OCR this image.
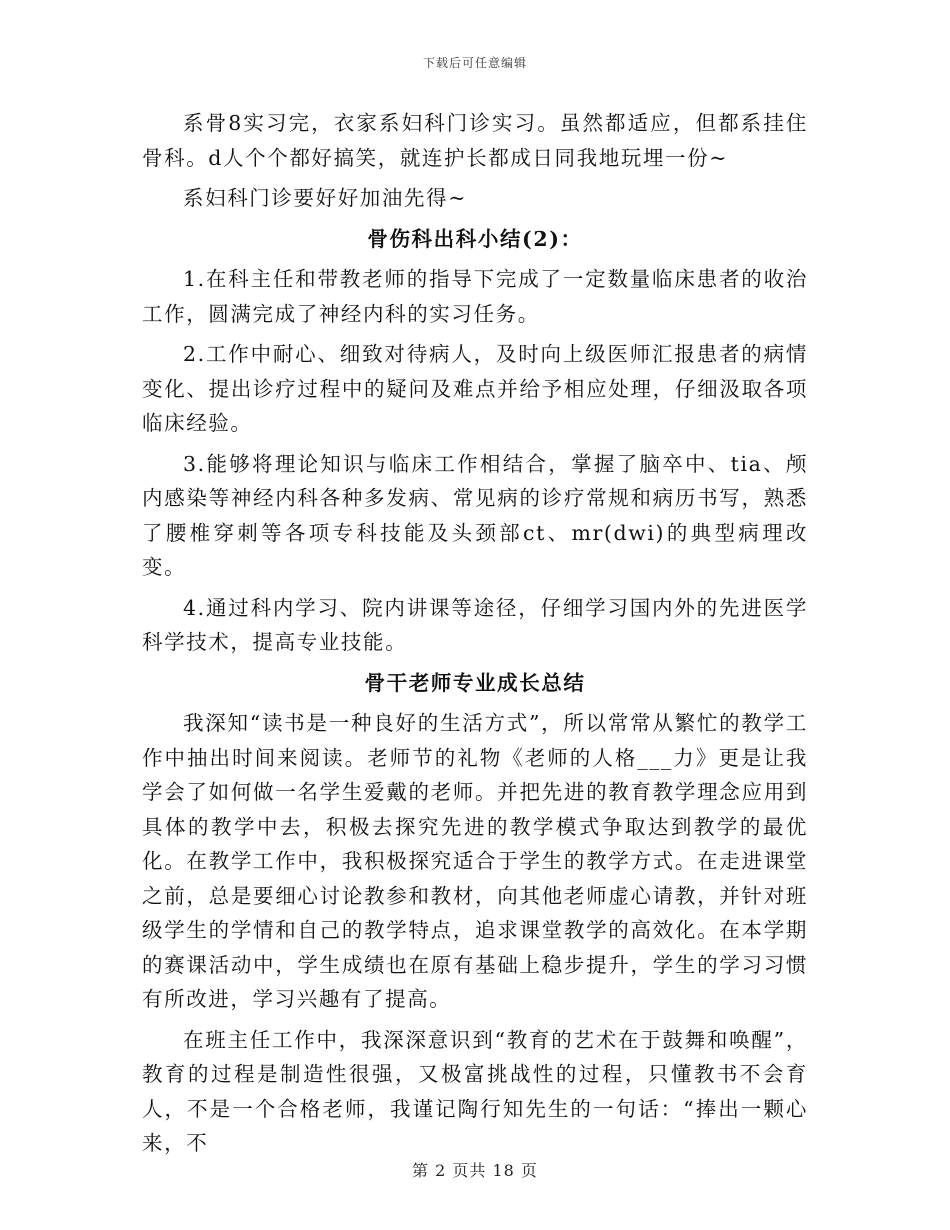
下载后可任意编辑

系骨8实习完，衣家系妇科门诊实习。虽然都适应，但都系挂住骨科。d人个个都好搞笑，就连护长都成日同我地玩埋一份~

系妇科门诊要好好加油先得~

骨伤科出科小结(2)：

1.在科主任和带教老师的指导下完成了一定数量临床患者的收治工作，圆满完成了神经内科的实习任务。

2.工作中耐心、细致对待病人，及时向上级医师汇报患者的病情变化、提出诊疗过程中的疑问及难点并给予相应处理，仔细汲取各项临床经验。

3.能够将理论知识与临床工作相结合，掌握了脑卒中、tia、颅内感染等神经内科各种多发病、常见病的诊疗常规和病历书写，熟悉了腰椎穿刺等各项专科技能及头颈部ct、mr(dwi)的典型病理改变。

4.通过科内学习、院内讲课等途径，仔细学习国内外的先进医学科学技术，提高专业技能。

骨干老师专业成长总结

我深知“读书是一种良好的生活方式”，所以常常从繁忙的教学工作中抽出时间来阅读。老师节的礼物《老师的人格___力》更是让我学会了如何做一名学生爱戴的老师。并把先进的教育教学理念应用到具体的教学中去，积极去探究先进的教学模式争取达到教学的最优化。在教学工作中，我积极探究适合于学生的教学方式。在走进课堂之前，总是要细心讨论教参和教材，向其他老师虚心请教，并针对班级学生的学情和自己的教学特点，追求课堂教学的高效化。在本学期的赛课活动中，学生成绩也在原有基础上稳步提升，学生的学习习惯有所改进，学习兴趣有了提高。

在班主任工作中，我深深意识到“教育的艺术在于鼓舞和唤醒”，教育的过程是制造性很强，又极富挑战性的过程，只懂教书不会育人，不是一个合格老师，我谨记陶行知先生的一句话：“捧出一颗心来，不

第 2 页共 18 页
